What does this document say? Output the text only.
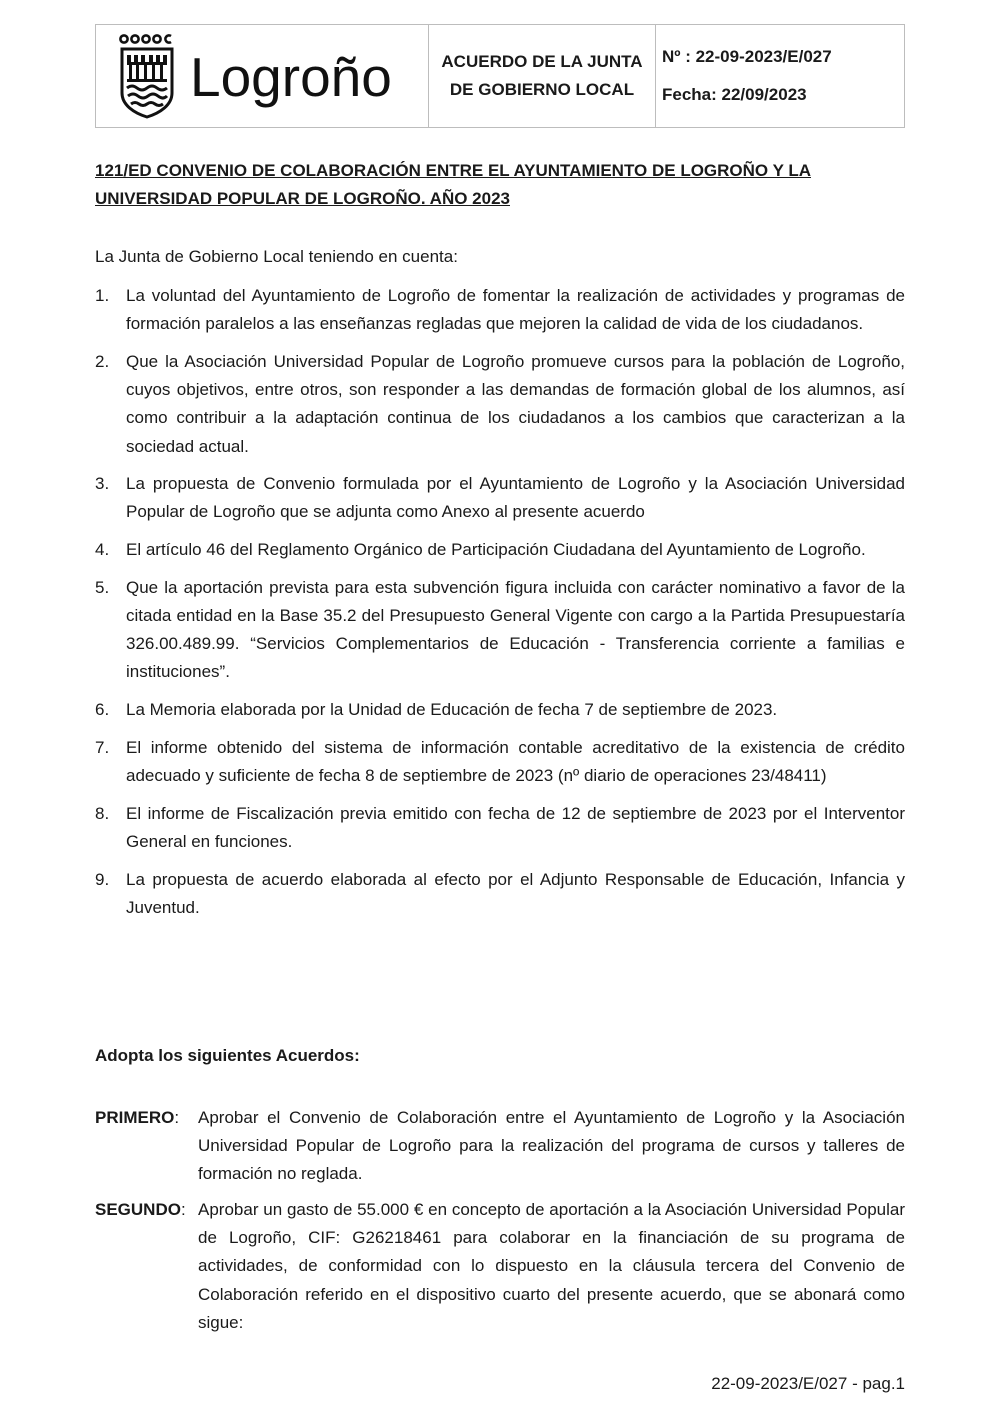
Logroño	ACUERDO DE LA JUNTA DE GOBIERNO LOCAL
Nº : 22-09-2023/E/027
Fecha: 22/09/2023
121/ED CONVENIO DE COLABORACIÓN ENTRE EL AYUNTAMIENTO DE LOGROÑO Y LA UNIVERSIDAD POPULAR DE LOGROÑO. AÑO 2023
La Junta de Gobierno Local teniendo en cuenta:
1. La voluntad del Ayuntamiento de Logroño de fomentar la realización de actividades y programas de formación paralelos a las enseñanzas regladas que mejoren la calidad de vida de los ciudadanos.
2. Que la Asociación Universidad Popular de Logroño promueve cursos para la población de Logroño, cuyos objetivos, entre otros, son responder a las demandas de formación global de los alumnos, así como contribuir a la adaptación continua de los ciudadanos a los cambios que caracterizan a la sociedad actual.
3. La propuesta de Convenio formulada por el Ayuntamiento de Logroño y la Asociación Universidad Popular de Logroño que se adjunta como Anexo al presente acuerdo
4. El artículo 46 del Reglamento Orgánico de Participación Ciudadana del Ayuntamiento de Logroño.
5. Que la aportación prevista para esta subvención figura incluida con carácter nominativo a favor de la citada entidad en la Base 35.2 del Presupuesto General Vigente con cargo a la Partida Presupuestaría 326.00.489.99. “Servicios Complementarios de Educación - Transferencia corriente a familias e instituciones”.
6. La Memoria elaborada por la Unidad de Educación de fecha 7 de septiembre de 2023.
7. El informe obtenido del sistema de información contable acreditativo de la existencia de crédito adecuado y suficiente de fecha 8 de septiembre de 2023 (nº diario de operaciones 23/48411)
8. El informe de Fiscalización previa emitido con fecha de 12 de septiembre de 2023 por el Interventor General en funciones.
9. La propuesta de acuerdo elaborada al efecto por el Adjunto Responsable de Educación, Infancia y Juventud.
Adopta los siguientes Acuerdos:
PRIMERO: Aprobar el Convenio de Colaboración entre el Ayuntamiento de Logroño y la Asociación Universidad Popular de Logroño para la realización del programa de cursos y talleres de formación no reglada.
SEGUNDO: Aprobar un gasto de 55.000 € en concepto de aportación a la Asociación Universidad Popular de Logroño, CIF: G26218461 para colaborar en la financiación de su programa de actividades, de conformidad con lo dispuesto en la cláusula tercera del Convenio de Colaboración referido en el dispositivo cuarto del presente acuerdo, que se abonará como sigue:
22-09-2023/E/027 - pag.1
